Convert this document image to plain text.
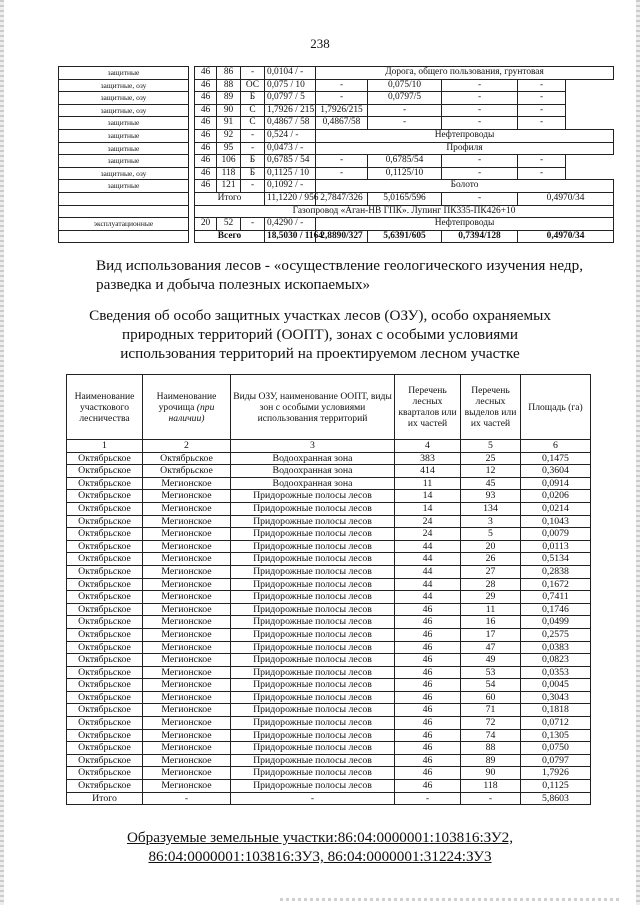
238
защитные		46	86	-	0,0104 / -	Дорога, общего пользования, грунтовая			
защитные, озу		46	88	ОС	0,075 / 10	-	0,075/10	-	-
защитные, озу		46	89	Б	0,0797 / 5	-	0,0797/5	-	-
защитные, озу		46	90	С	1,7926 / 215	1,7926/215	-	-	-
защитные		46	91	С	0,4867 / 58	0,4867/58	-	-	-
защитные		46	92	-	0,524 / -	Нефтепроводы			
защитные		46	95	-	0,0473 / -	Профиля			
защитные		46	106	Б	0,6785 / 54	-	0,6785/54	-	-
защитные, озу		46	118	Б	0,1125 / 10	-	0,1125/10	-	-
защитные		46	121	-	0,1092 / -	Болото			
		Итого			11,1220 / 956	2,7847/326	5,0165/596	-	0,4970/34
		Газопровод «Аган-НВ ГПК». Лупинг ПК335-ПК426+10							
эксплуатационные		20	52	-	0,4290 / -	Нефтепроводы			
		Всего			18,5030 / 1164	2,8890/327	5,6391/605	0,7394/128	0,4970/34
Вид использования лесов - «осуществление геологического изучения недр, разведка и добыча полезных ископаемых»
Сведения об особо защитных участках лесов (ОЗУ), особо охраняемых природных территорий (ООПТ), зонах с особыми условиями использования территорий на проектируемом лесном участке
Наименование участкового лесничества	Наименование урочища (при наличии)	Виды ОЗУ, наименование ООПТ, виды зон с особыми условиями использования территорий	Перечень лесных кварталов или их частей	Перечень лесных выделов или их частей	Площадь (га)
1	2	3	4	5	6
Октябрьское	Октябрьское	Водоохранная зона	383	25	0,1475
Октябрьское	Октябрьское	Водоохранная зона	414	12	0,3604
Октябрьское	Мегионское	Водоохранная зона	11	45	0,0914
Октябрьское	Мегионское	Придорожные полосы лесов	14	93	0,0206
Октябрьское	Мегионское	Придорожные полосы лесов	14	134	0,0214
Октябрьское	Мегионское	Придорожные полосы лесов	24	3	0,1043
Октябрьское	Мегионское	Придорожные полосы лесов	24	5	0,0079
Октябрьское	Мегионское	Придорожные полосы лесов	44	20	0,0113
Октябрьское	Мегионское	Придорожные полосы лесов	44	26	0,5134
Октябрьское	Мегионское	Придорожные полосы лесов	44	27	0,2838
Октябрьское	Мегионское	Придорожные полосы лесов	44	28	0,1672
Октябрьское	Мегионское	Придорожные полосы лесов	44	29	0,7411
Октябрьское	Мегионское	Придорожные полосы лесов	46	11	0,1746
Октябрьское	Мегионское	Придорожные полосы лесов	46	16	0,0499
Октябрьское	Мегионское	Придорожные полосы лесов	46	17	0,2575
Октябрьское	Мегионское	Придорожные полосы лесов	46	47	0,0383
Октябрьское	Мегионское	Придорожные полосы лесов	46	49	0,0823
Октябрьское	Мегионское	Придорожные полосы лесов	46	53	0,0353
Октябрьское	Мегионское	Придорожные полосы лесов	46	54	0,0045
Октябрьское	Мегионское	Придорожные полосы лесов	46	60	0,3043
Октябрьское	Мегионское	Придорожные полосы лесов	46	71	0,1818
Октябрьское	Мегионское	Придорожные полосы лесов	46	72	0,0712
Октябрьское	Мегионское	Придорожные полосы лесов	46	74	0,1305
Октябрьское	Мегионское	Придорожные полосы лесов	46	88	0,0750
Октябрьское	Мегионское	Придорожные полосы лесов	46	89	0,0797
Октябрьское	Мегионское	Придорожные полосы лесов	46	90	1,7926
Октябрьское	Мегионское	Придорожные полосы лесов	46	118	0,1125
Итого	-	-	-	-	5,8603
Образуемые земельные участки:86:04:0000001:103816:ЗУ2,
86:04:0000001:103816:ЗУ3, 86:04:0000001:31224:ЗУ3
